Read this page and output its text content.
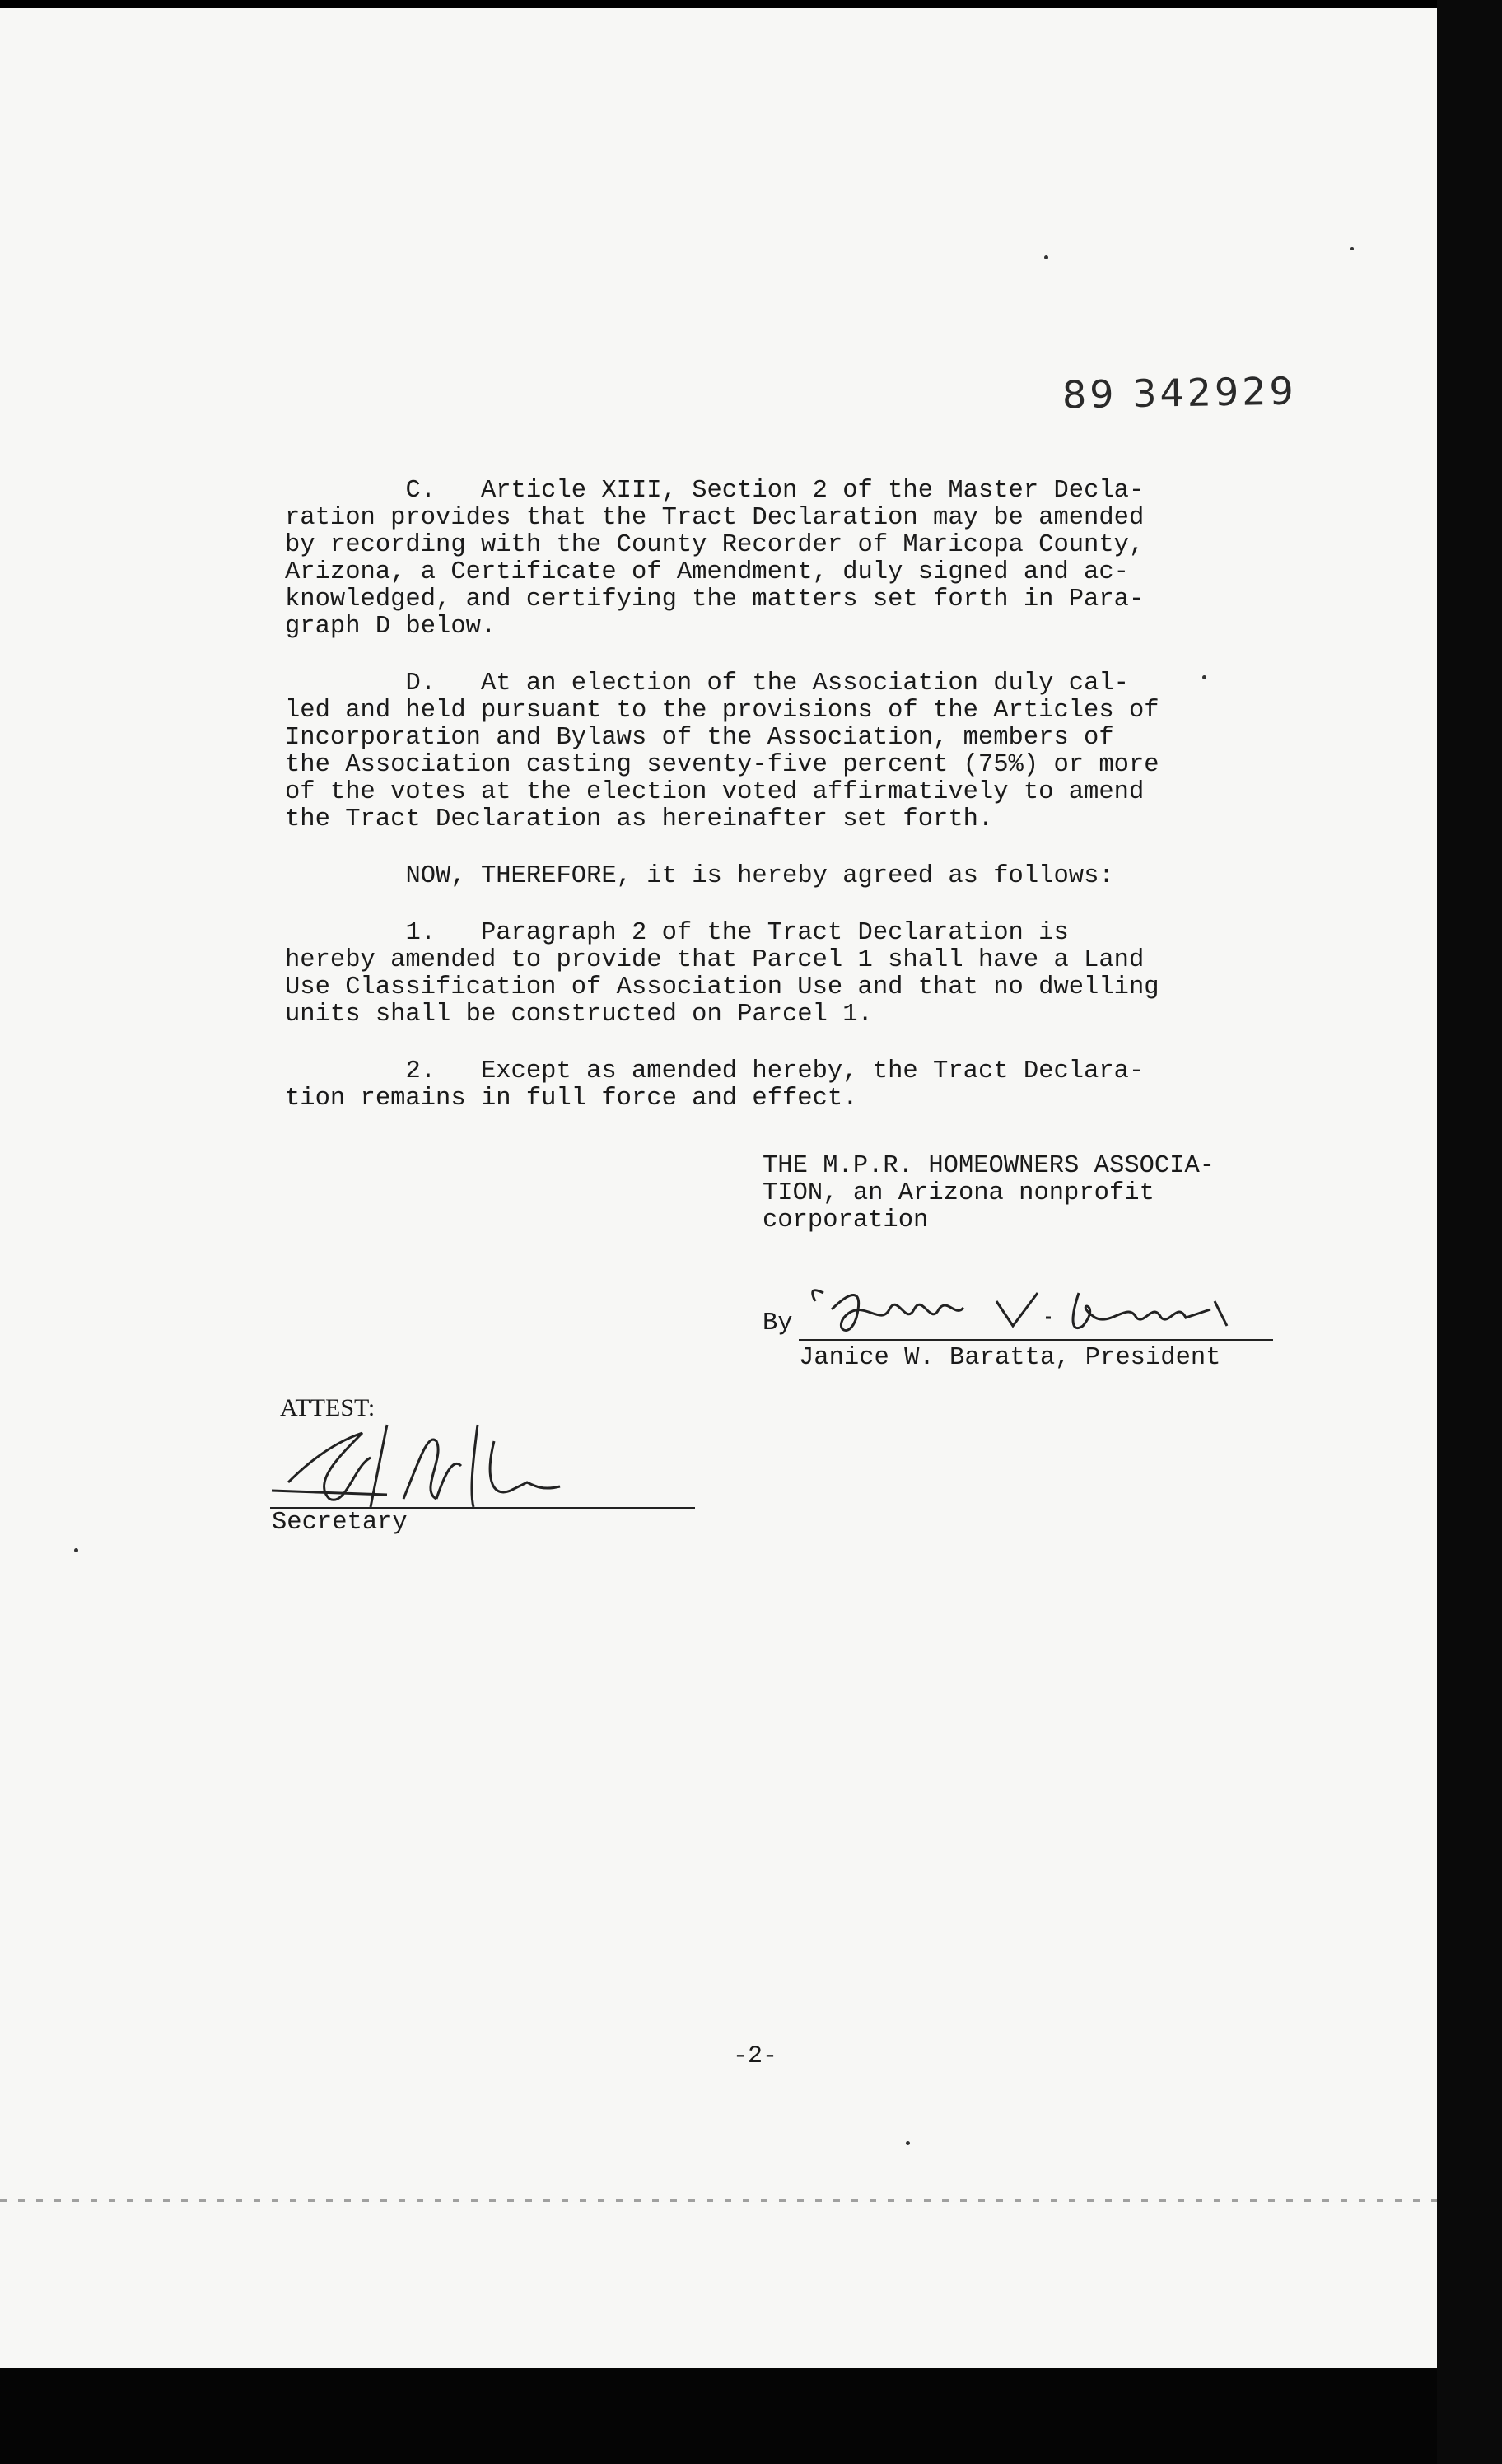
89 342929

C.   Article XIII, Section 2 of the Master Decla-
ration provides that the Tract Declaration may be amended
by recording with the County Recorder of Maricopa County,
Arizona, a Certificate of Amendment, duly signed and ac-
knowledged, and certifying the matters set forth in Para-
graph D below.

D.   At an election of the Association duly cal-
led and held pursuant to the provisions of the Articles of
Incorporation and Bylaws of the Association, members of
the Association casting seventy-five percent (75%) or more
of the votes at the election voted affirmatively to amend
the Tract Declaration as hereinafter set forth.

NOW, THEREFORE, it is hereby agreed as follows:

1.   Paragraph 2 of the Tract Declaration is
hereby amended to provide that Parcel 1 shall have a Land
Use Classification of Association Use and that no dwelling
units shall be constructed on Parcel 1.

2.   Except as amended hereby, the Tract Declara-
tion remains in full force and effect.

THE M.P.R. HOMEOWNERS ASSOCIA-
TION, an Arizona nonprofit
corporation
By
Janice W. Baratta, President
ATTEST:
Secretary
-2-
